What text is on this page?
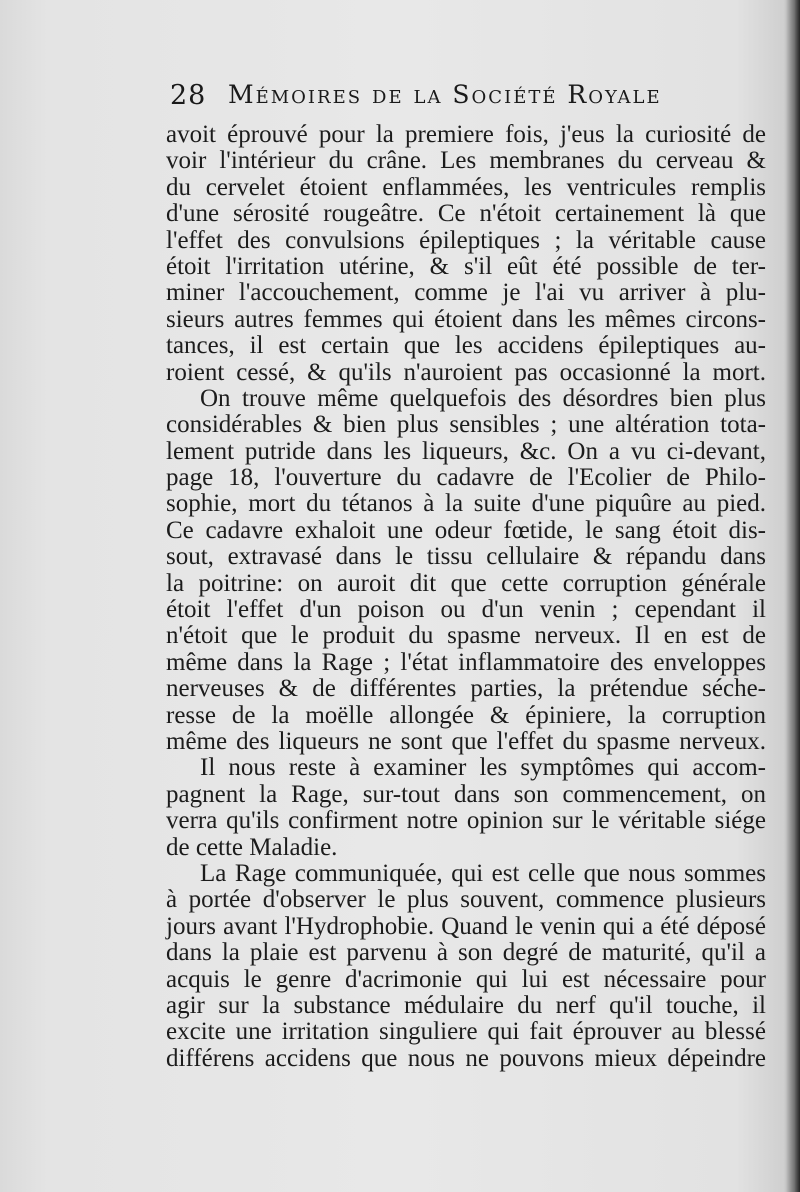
28 Mémoires de la Société Royale
avoit éprouvé pour la premiere fois, j'eus la curiosité de
voir l'intérieur du crâne. Les membranes du cerveau &
du cervelet étoient enflammées, les ventricules remplis
d'une sérosité rougeâtre. Ce n'étoit certainement là que
l'effet des convulsions épileptiques ; la véritable cause
étoit l'irritation utérine, & s'il eût été possible de ter-
miner l'accouchement, comme je l'ai vu arriver à plu-
sieurs autres femmes qui étoient dans les mêmes circons-
tances, il est certain que les accidens épileptiques au-
roient cessé, & qu'ils n'auroient pas occasionné la mort.
On trouve même quelquefois des désordres bien plus
considérables & bien plus sensibles ; une altération tota-
lement putride dans les liqueurs, &c. On a vu ci-devant,
page 18, l'ouverture du cadavre de l'Ecolier de Philo-
sophie, mort du tétanos à la suite d'une piquûre au pied.
Ce cadavre exhaloit une odeur fœtide, le sang étoit dis-
sout, extravasé dans le tissu cellulaire & répandu dans
la poitrine: on auroit dit que cette corruption générale
étoit l'effet d'un poison ou d'un venin ; cependant il
n'étoit que le produit du spasme nerveux. Il en est de
même dans la Rage ; l'état inflammatoire des enveloppes
nerveuses & de différentes parties, la prétendue séche-
resse de la moëlle allongée & épiniere, la corruption
même des liqueurs ne sont que l'effet du spasme nerveux.
Il nous reste à examiner les symptômes qui accom-
pagnent la Rage, sur-tout dans son commencement, on
verra qu'ils confirment notre opinion sur le véritable siége
de cette Maladie.
La Rage communiquée, qui est celle que nous sommes
à portée d'observer le plus souvent, commence plusieurs
jours avant l'Hydrophobie. Quand le venin qui a été déposé
dans la plaie est parvenu à son degré de maturité, qu'il a
acquis le genre d'acrimonie qui lui est nécessaire pour
agir sur la substance médulaire du nerf qu'il touche, il
excite une irritation singuliere qui fait éprouver au blessé
différens accidens que nous ne pouvons mieux dépeindre
